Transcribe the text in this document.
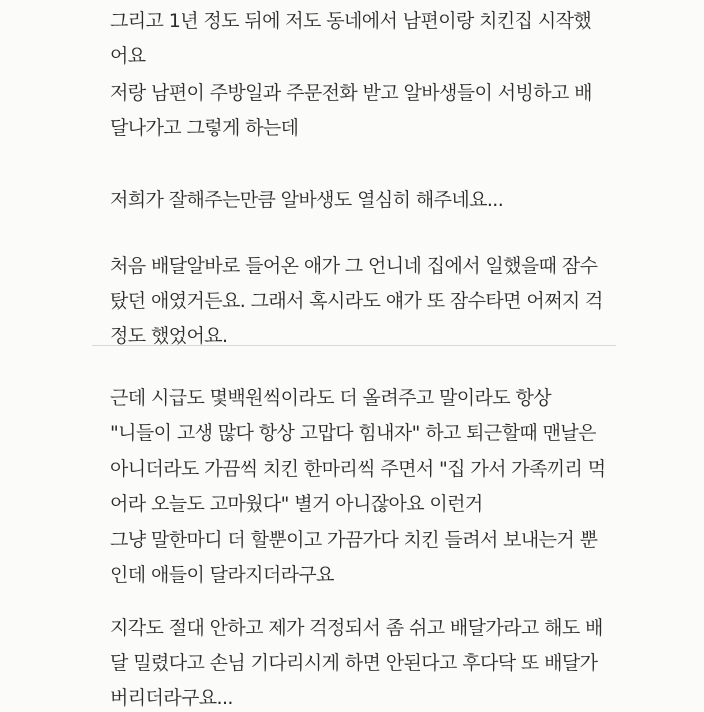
그리고 1년 정도 뒤에 저도 동네에서 남편이랑 치킨집 시작했
어요
저랑 남편이 주방일과 주문전화 받고 알바생들이 서빙하고 배
달나가고 그렇게 하는데
저희가 잘해주는만큼 알바생도 열심히 해주네요...
처음 배달알바로 들어온 애가 그 언니네 집에서 일했을때 잠수
탔던 애였거든요. 그래서 혹시라도 얘가 또 잠수타면 어쩌지 걱
정도 했었어요.
근데 시급도 몇백원씩이라도 더 올려주고 말이라도 항상
"니들이 고생 많다 항상 고맙다 힘내자" 하고 퇴근할때 맨날은
아니더라도 가끔씩 치킨 한마리씩 주면서 "집 가서 가족끼리 먹
어라 오늘도 고마웠다" 별거 아니잖아요 이런거
그냥 말한마디 더 할뿐이고 가끔가다 치킨 들려서 보내는거 뿐
인데 애들이 달라지더라구요
지각도 절대 안하고 제가 걱정되서 좀 쉬고 배달가라고 해도 배
달 밀렸다고 손님 기다리시게 하면 안된다고 후다닥 또 배달가
버리더라구요...
